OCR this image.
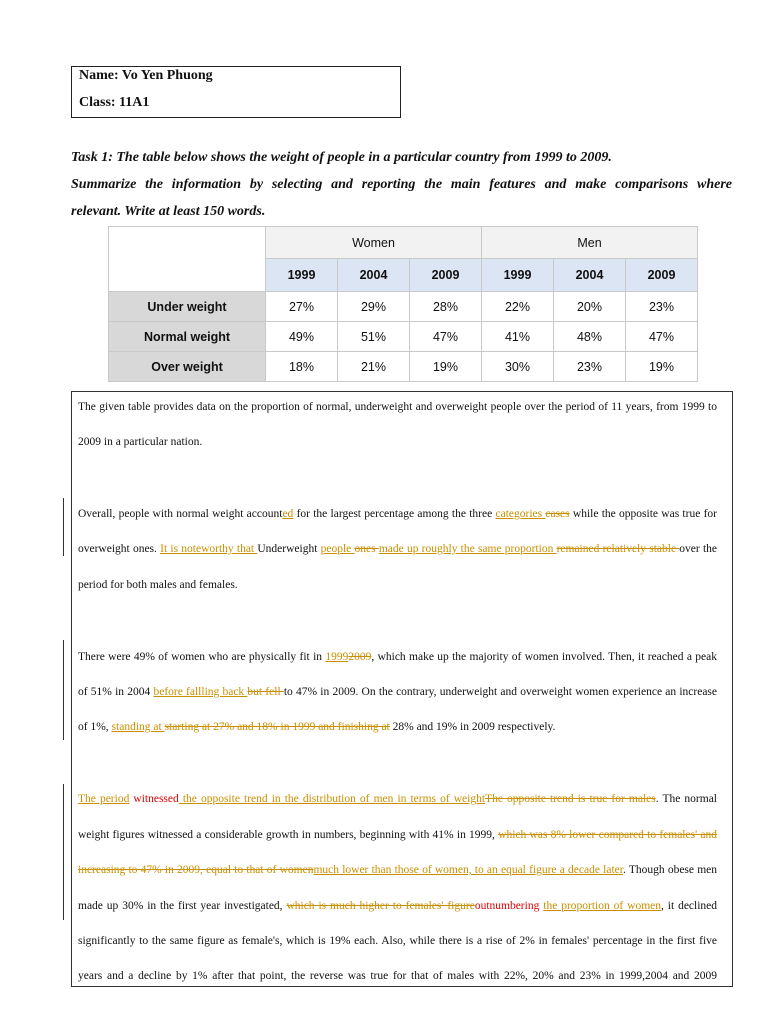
Name: Vo Yen Phuong
Class: 11A1

Task 1: The table below shows the weight of people in a particular country from 1999 to 2009.

Summarize the information by selecting and reporting the main features and make comparisons where

relevant. Write at least 150 words.

	Women			Men		
	1999	2004	2009	1999	2004	2009
Under weight	27%	29%	28%	22%	20%	23%
Normal weight	49%	51%	47%	41%	48%	47%
Over weight	18%	21%	19%	30%	23%	19%
The given table provides data on the proportion of normal, underweight and overweight people over the period of 11 years, from 1999 to
2009 in a particular nation.
Overall, people with normal weight accounted for the largest percentage among the three categories cases while the opposite was true for
overweight ones. It is noteworthy that Underweight people ones made up roughly the same proportion remained relatively stable over the
period for both males and females.
There were 49% of women who are physically fit in 19992009, which make up the majority of women involved. Then, it reached a peak
of 51% in 2004 before fallling back but fell to 47% in 2009. On the contrary, underweight and overweight women experience an increase
of 1%, standing at starting at 27% and 18% in 1999 and finishing at 28% and 19% in 2009 respectively.
The period witnessed the opposite trend in the distribution of men in terms of weightThe opposite trend is true for males. The normal
weight figures witnessed a considerable growth in numbers, beginning with 41% in 1999, which was 8% lower compared to females' and
increasing to 47% in 2009, equal to that of womenmuch lower than those of women, to an equal figure a decade later. Though obese men
made up 30% in the first year investigated, which is much higher to females' figureoutnumbering the proportion of women, it declined
significantly to the same figure as female's, which is 19% each. Also, while there is a rise of 2% in females' percentage in the first five
years and a decline by 1% after that point, the reverse was true for that of males with 22%, 20% and 23% in 1999,2004 and 2009
